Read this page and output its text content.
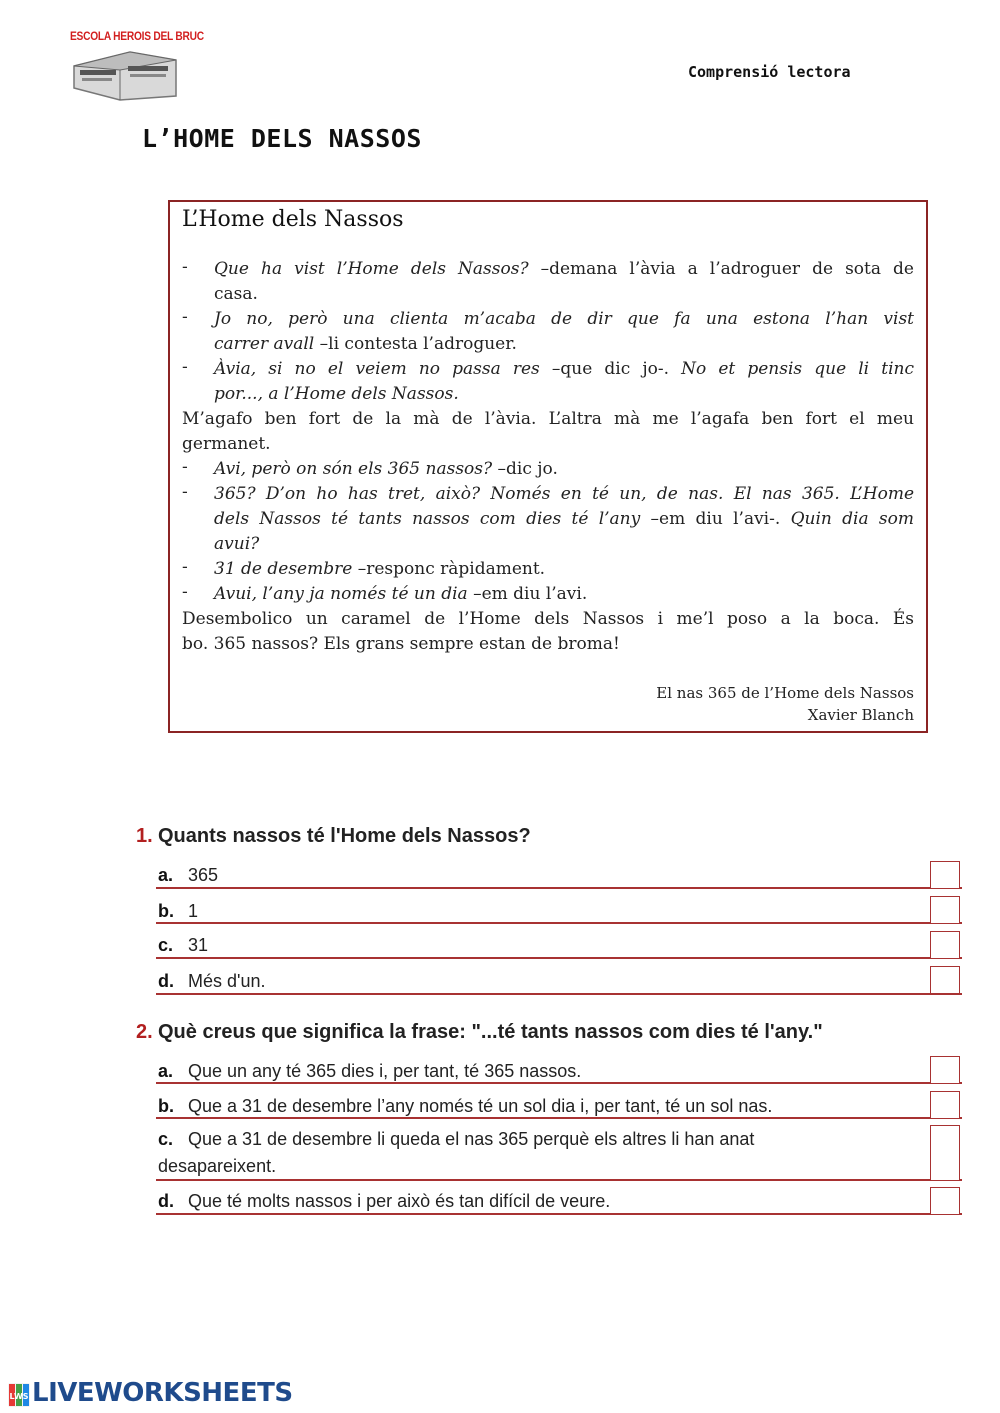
ESCOLA HEROIS DEL BRUC
Comprensió lectora
L’HOME DELS NASSOS
L’Home dels Nassos
- Que ha vist l’Home dels Nassos? –demana l’àvia a l’adroguer de sota de
casa.
- Jo no, però una clienta m’acaba de dir que fa una estona l’han vist
carrer avall –li contesta l’adroguer.
- Àvia, si no el veiem no passa res –que dic jo-. No et pensis que li tinc
por..., a l’Home dels Nassos.
M’agafo ben fort de la mà de l’àvia. L’altra mà me l’agafa ben fort el meu
germanet.
- Avi, però on són els 365 nassos? –dic jo.
- 365? D’on ho has tret, això? Només en té un, de nas. El nas 365. L’Home
dels Nassos té tants nassos com dies té l’any –em diu l’avi-. Quin dia som
avui?
- 31 de desembre –responc ràpidament.
- Avui, l’any ja només té un dia –em diu l’avi.
Desembolico un caramel de l’Home dels Nassos i me’l poso a la boca. És
bo. 365 nassos? Els grans sempre estan de broma!
El nas 365 de l’Home dels Nassos
Xavier Blanch
1. Quants nassos té l'Home dels Nassos?
a. 365
b. 1
c. 31
d. Més d'un.
2. Què creus que significa la frase: "...té tants nassos com dies té l'any."
a. Que un any té 365 dies i, per tant, té 365 nassos.
b. Que a 31 de desembre l’any només té un sol dia i, per tant, té un sol nas.
c. Que a 31 de desembre li queda el nas 365 perquè els altres li han anat
desapareixent.
d. Que té molts nassos i per això és tan difícil de veure.
LWS LIVEWORKSHEETS
